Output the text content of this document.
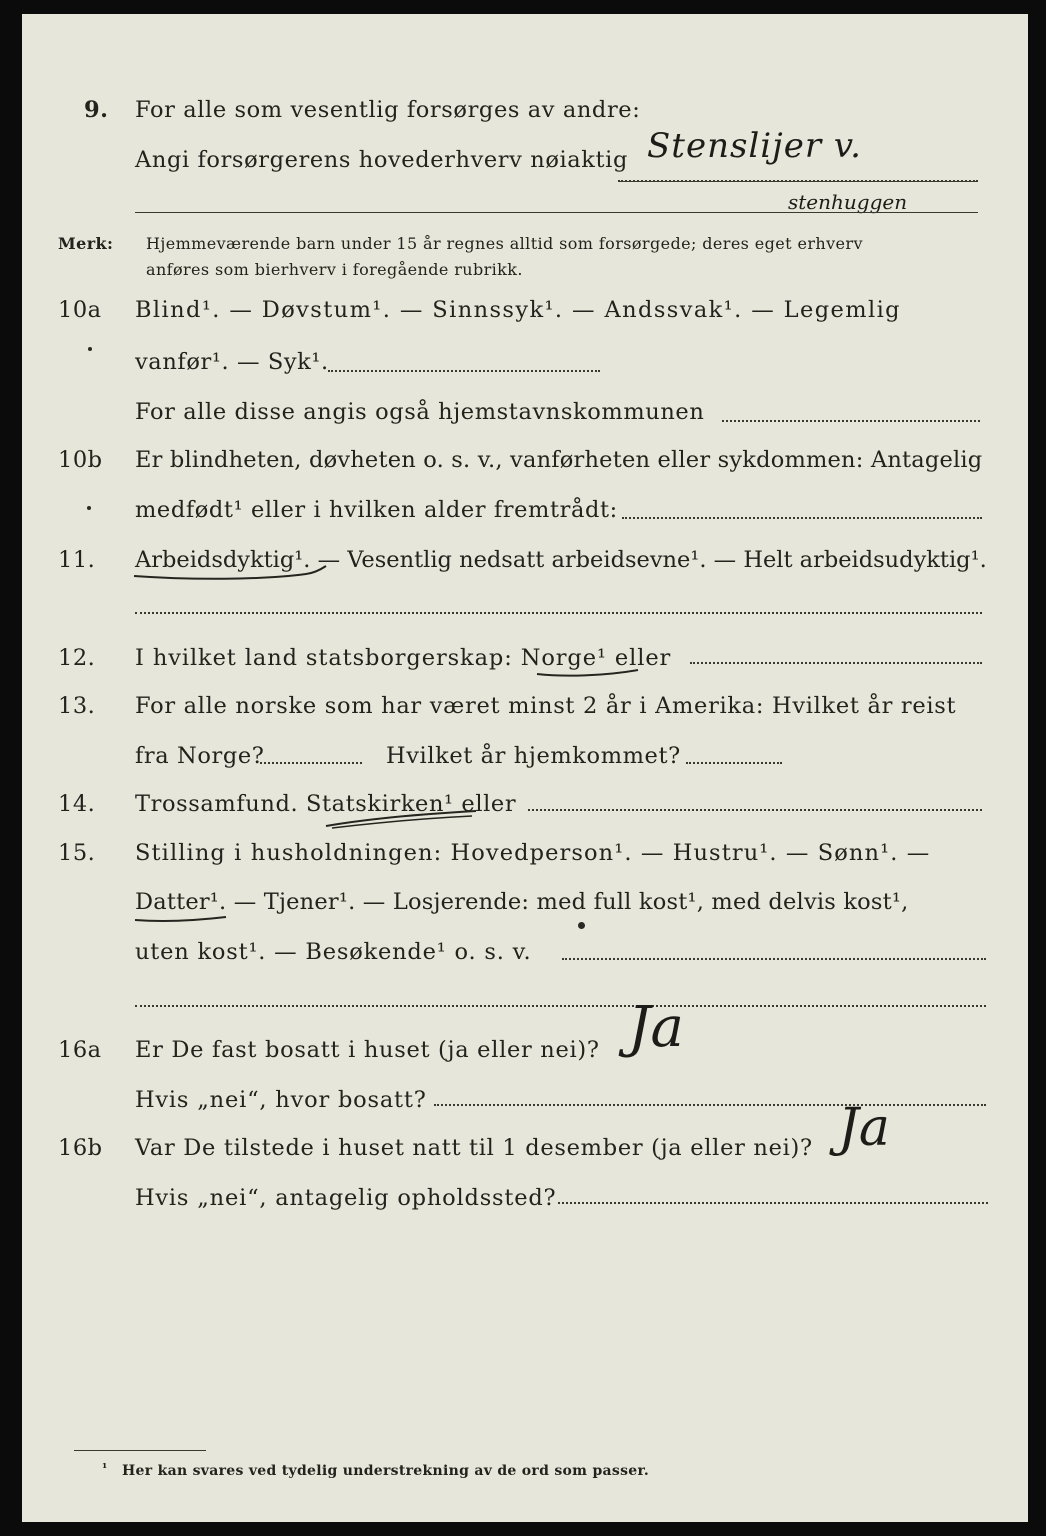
9. For alle som vesentlig forsørges av andre:
Angi forsørgerens hovederhverv nøiaktig Stenslijer v.
stenhuggen
Merk: Hjemmeværende barn under 15 år regnes alltid som forsørgede; deres eget erhverv
anføres som bierhverv i foregående rubrikk.
10a Blind¹. — Døvstum¹. — Sinnssyk¹. — Andssvak¹. — Legemlig
vanfør¹. — Syk¹.
For alle disse angis også hjemstavnskommunen
10b Er blindheten, døvheten o. s. v., vanførheten eller sykdommen: Antagelig
medfødt¹ eller i hvilken alder fremtrådt:
11. Arbeidsdyktig¹. — Vesentlig nedsatt arbeidsevne¹. — Helt arbeidsudyktig¹.
12. I hvilket land statsborgerskap: Norge¹ eller
13. For alle norske som har været minst 2 år i Amerika: Hvilket år reist
fra Norge?	Hvilket år hjemkommet?
14. Trossamfund. Statskirken¹ eller
15. Stilling i husholdningen: Hovedperson¹. — Hustru¹. — Sønn¹. —
Datter¹. — Tjener¹. — Losjerende: med full kost¹, med delvis kost¹,
uten kost¹. — Besøkende¹ o. s. v.
16a Er De fast bosatt i huset (ja eller nei)? Ja
Hvis „nei“, hvor bosatt?
16b Var De tilstede i huset natt til 1 desember (ja eller nei)? Ja
Hvis „nei“, antagelig opholdssted?
¹ Her kan svares ved tydelig understrekning av de ord som passer.
